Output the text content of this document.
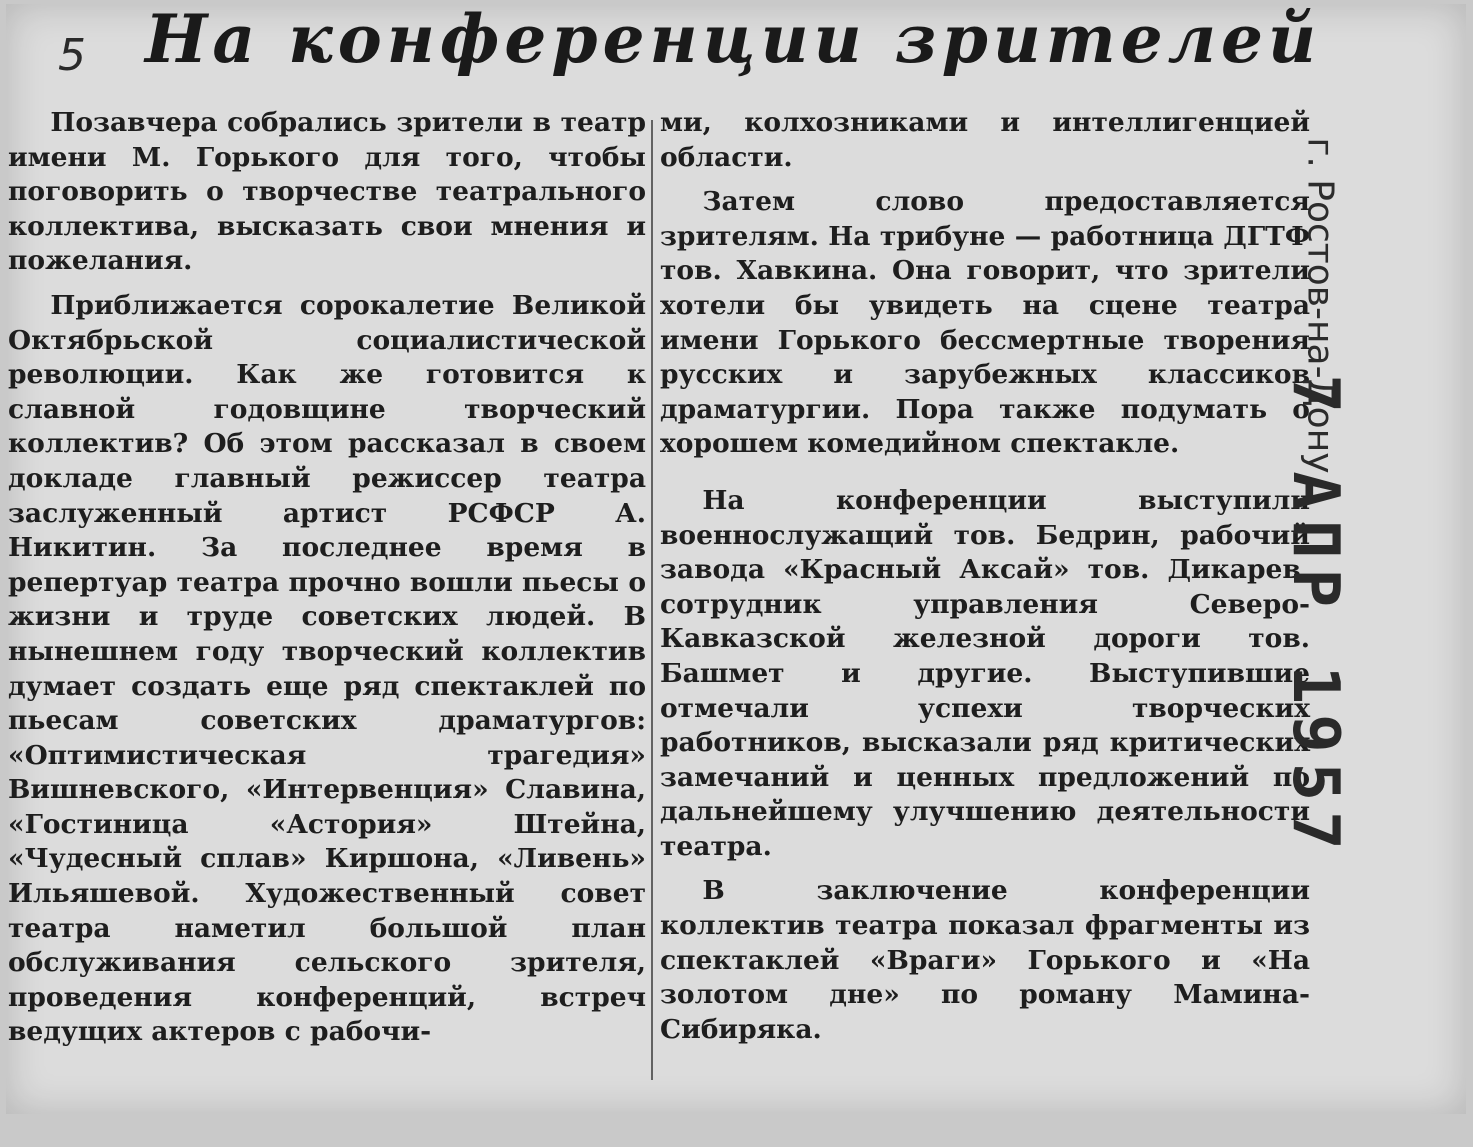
5 На конференции зрителей

Позавчера собрались зрители в театр имени М. Горького для того, чтобы поговорить о творчестве театрального коллектива, высказать свои мнения и пожелания.

Приближается сорокалетие Великой Октябрьской социалистической революции. Как же готовится к славной годовщине творческий коллектив? Об этом рассказал в своем докладе главный режиссер театра заслуженный артист РСФСР А. Никитин. За последнее время в репертуар театра прочно вошли пьесы о жизни и труде советских людей. В нынешнем году творческий коллектив думает создать еще ряд спектаклей по пьесам советских драматургов: «Оптимистическая трагедия» Вишневского, «Интервенция» Славина, «Гостиница «Астория» Штейна, «Чудесный сплав» Киршона, «Ливень» Ильяшевой. Художественный совет театра наметил большой план обслуживания сельского зрителя, проведения конференций, встреч ведущих актеров с рабочи-

ми, колхозниками и интеллигенцией области.

Затем слово предоставляется зрителям. На трибуне — работница ДГТФ тов. Хавкина. Она говорит, что зрители хотели бы увидеть на сцене театра имени Горького бессмертные творения русских и зарубежных классиков драматургии. Пора также подумать о хорошем комедийном спектакле.

На конференции выступили военнослужащий тов. Бедрин, рабочий завода «Красный Аксай» тов. Дикарев, сотрудник управления Северо-Кавказской железной дороги тов. Башмет и другие. Выступившие отмечали успехи творческих работников, высказали ряд критических замечаний и ценных предложений по дальнейшему улучшению деятельности театра.

В заключение конференции коллектив театра показал фрагменты из спектаклей «Враги» Горького и «На золотом дне» по роману Мамина-Сибиряка.

г. Ростов-на-Дону
7 АПР 1957
